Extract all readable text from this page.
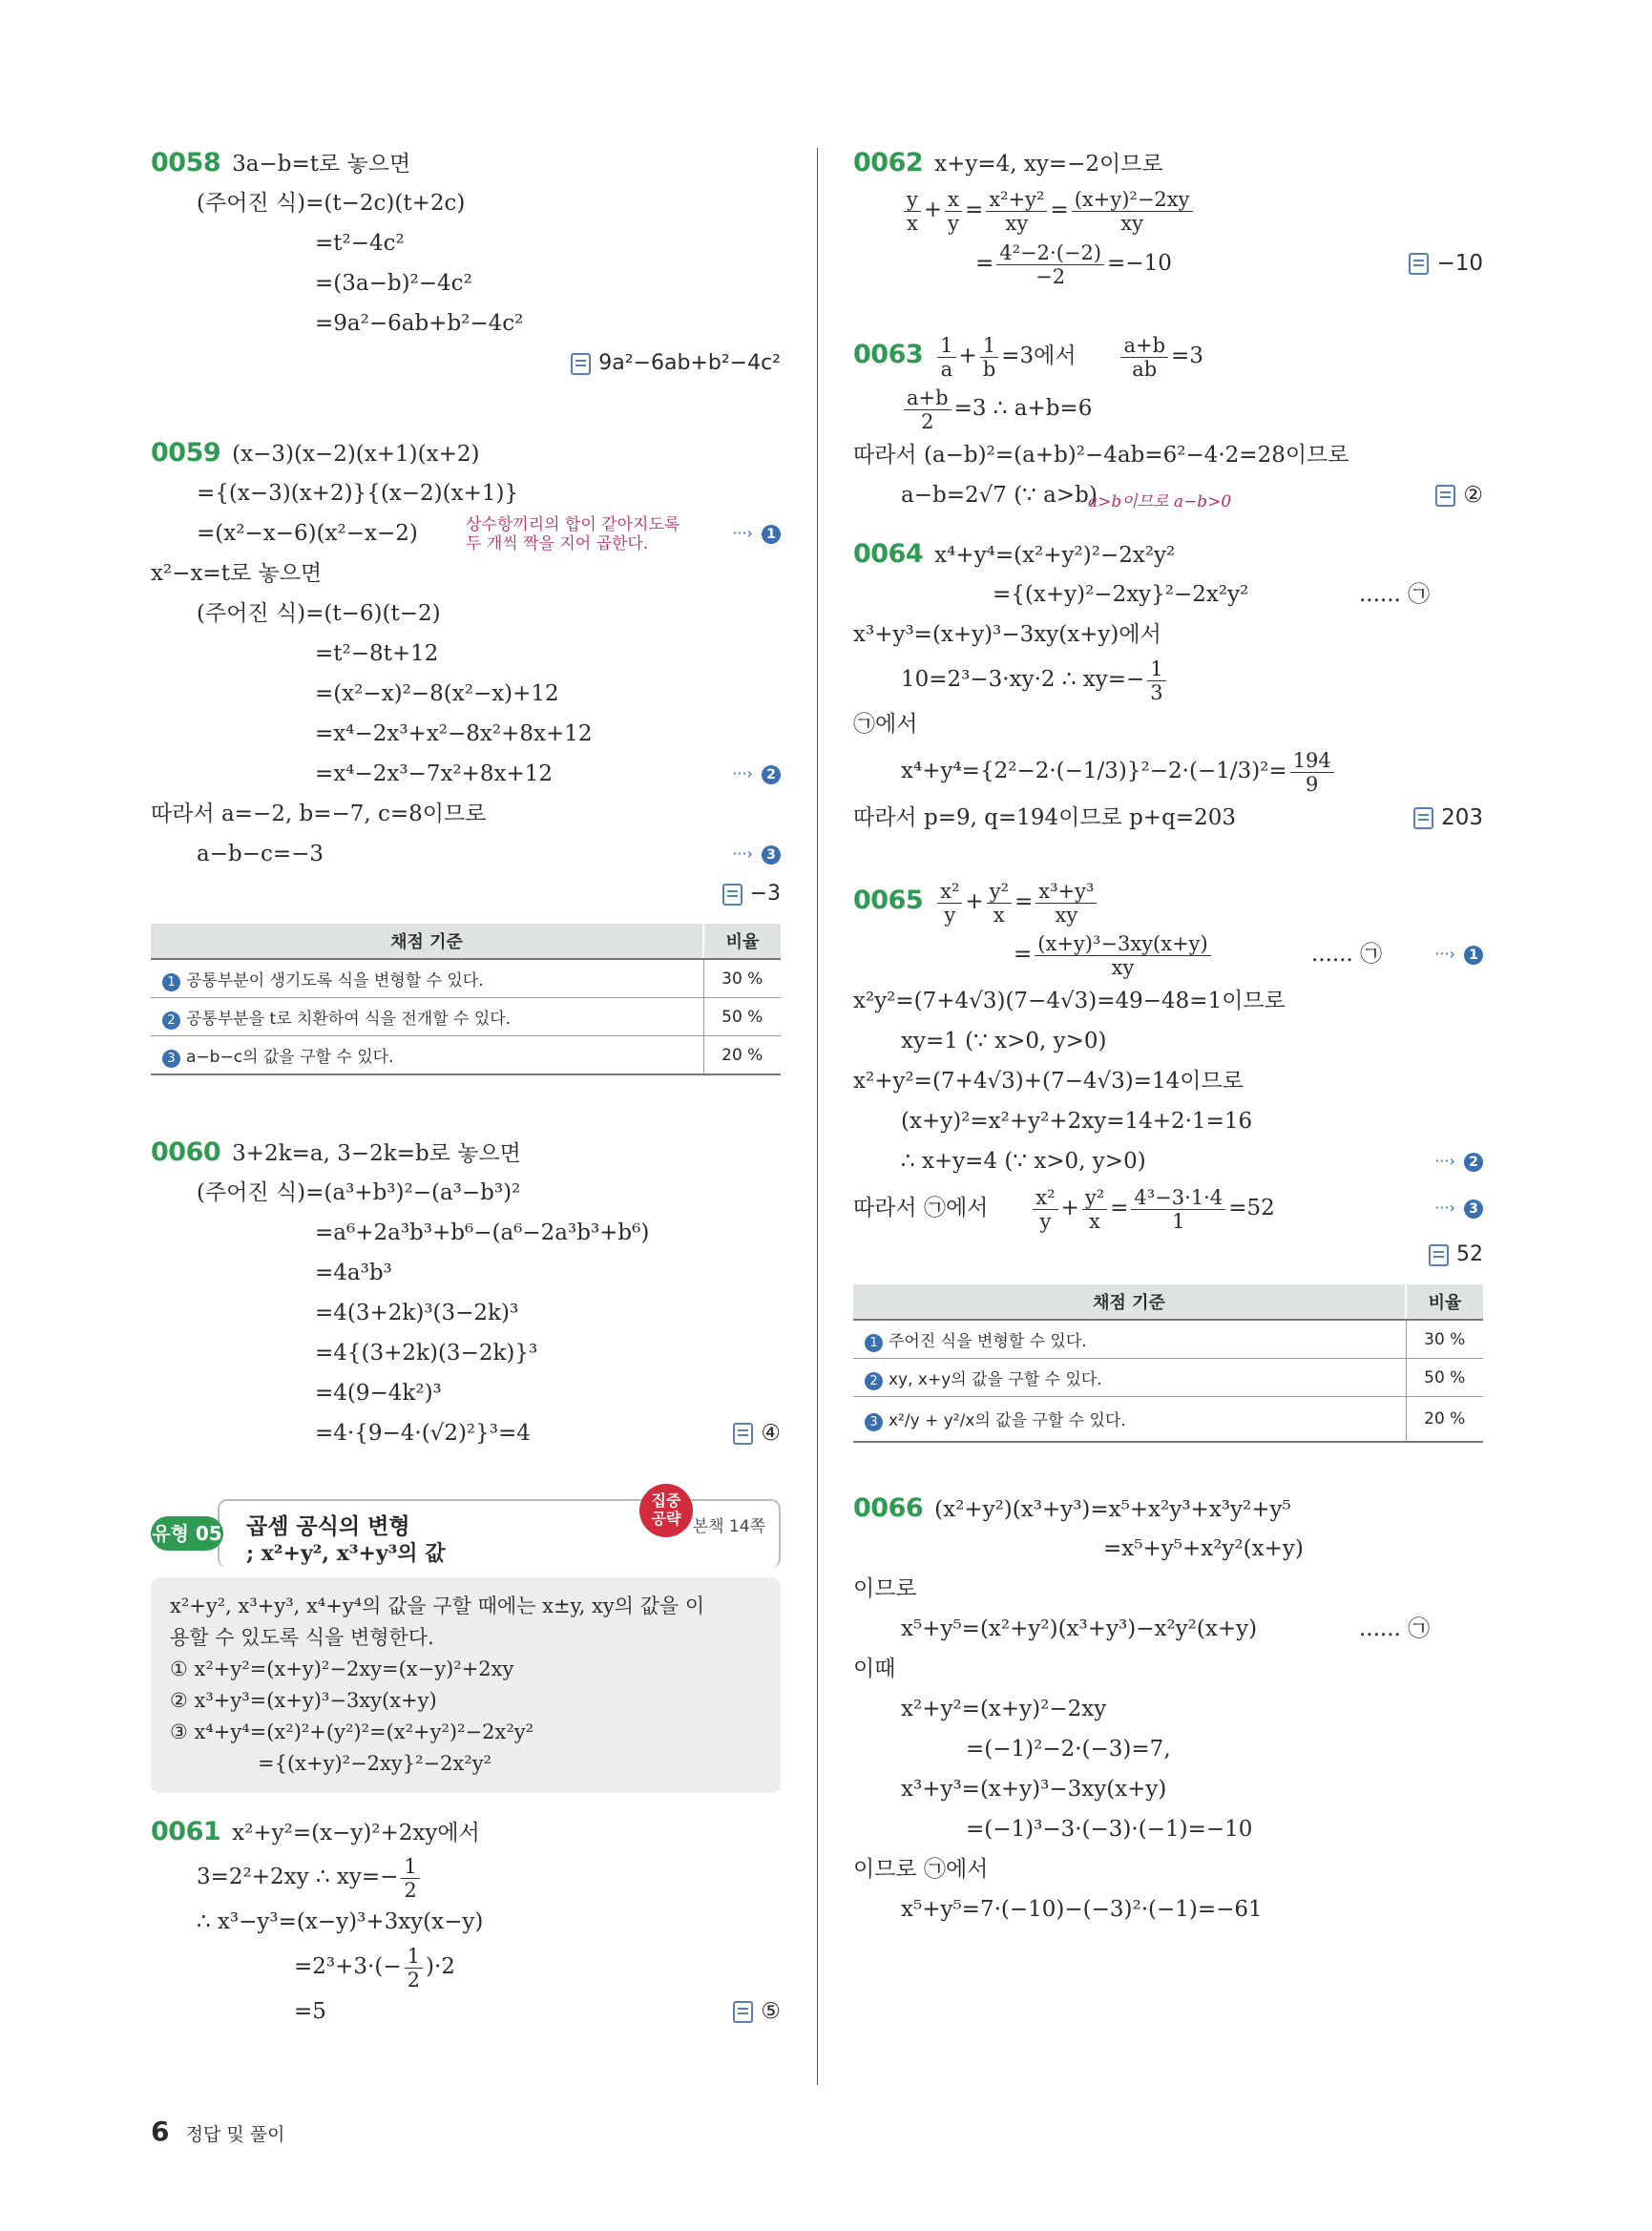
0058 3a−b=t로 놓으면
(주어진 식)=(t−2c)(t+2c)
=t²−4c²
=(3a−b)²−4c²
=9a²−6ab+b²−4c²
9a²−6ab+b²−4c²
0059 (x−3)(x−2)(x+1)(x+2)
={(x−3)(x+2)}{(x−2)(x+1)}
=(x²−x−6)(x²−x−2)	상수항끼리의 합이 같아지도록
두 개씩 짝을 지어 곱한다.
···› 1
x²−x=t로 놓으면
(주어진 식)=(t−6)(t−2)
=t²−8t+12
=(x²−x)²−8(x²−x)+12
=x⁴−2x³+x²−8x²+8x+12
=x⁴−2x³−7x²+8x+12	···› 2
따라서 a=−2, b=−7, c=8이므로
a−b−c=−3	···› 3
−3
채점 기준	비율
1 공통부분이 생기도록 식을 변형할 수 있다.	30 %
2 공통부분을 t로 치환하여 식을 전개할 수 있다.	50 %
3 a−b−c의 값을 구할 수 있다.	20 %
0060 3+2k=a, 3−2k=b로 놓으면
(주어진 식)=(a³+b³)²−(a³−b³)²
=a⁶+2a³b³+b⁶−(a⁶−2a³b³+b⁶)
=4a³b³
=4(3+2k)³(3−2k)³
=4{(3+2k)(3−2k)}³
=4(9−4k²)³
=4·{9−4·(√2)²}³=4	④
유형 05 곱셈 공식의 변형
; x²+y², x³+y³의 값
집중
공략 본책 14쪽
x²+y², x³+y³, x⁴+y⁴의 값을 구할 때에는 x±y, xy의 값을 이
용할 수 있도록 식을 변형한다.
① x²+y²=(x+y)²−2xy=(x−y)²+2xy
② x³+y³=(x+y)³−3xy(x+y)
③ x⁴+y⁴=(x²)²+(y²)²=(x²+y²)²−2x²y²
={(x+y)²−2xy}²−2x²y²
0061 x²+y²=(x−y)²+2xy에서
3=2²+2xy ∴ $xy=- \frac{1}{2}$
∴ x³−y³=(x−y)³+3xy(x−y)
$=2^3+3\cdot(- \frac{1}{2} )\cdot 2$
=5	⑤
0062 x+y=4, xy=−2이므로
$\frac{y}{x} + \frac{x}{y} = \frac{\text{x²+y²}}{xy} = \frac{\text{(x+y)²−2xy}}{xy}$
= $\frac{\text{4²−2·(−2)}}{-2} =-10$	−10
$0063 \frac{1}{a} + \frac{1}{b} =3$에서 $\frac{a+b}{ab} =3$
$\frac{a+b}{2} =3$ ∴ a+b=6
따라서 (a−b)²=(a+b)²−4ab=6²−4·2=28이므로
a−b=2√7 (∵ a>b)	②
a>b이므로 a−b>0
0064 x⁴+y⁴=(x²+y²)²−2x²y²
={(x+y)²−2xy}²−2x²y²	...... ㉠
x³+y³=(x+y)³−3xy(x+y)에서
10=2³−3·xy·2 ∴ $xy=- \frac{1}{3}$
㉠에서
$x^4+y^4=\{2^2-2\cdot(-1/3)\}^2-2\cdot(-1/3)^2= \frac{194}{9}$
따라서 p=9, q=194이므로 p+q=203	203
$0065 \frac{\text{x²}}{y} + \frac{\text{y²}}{x} = \frac{\text{x³+y³}}{xy}$
= $\frac{\text{(x+y)³−3xy(x+y)}}{xy}$	...... ㉠	···› 1
x²y²=(7+4√3)(7−4√3)=49−48=1이므로
xy=1 (∵ x>0, y>0)
x²+y²=(7+4√3)+(7−4√3)=14이므로
(x+y)²=x²+y²+2xy=14+2·1=16
∴ x+y=4 (∵ x>0, y>0)	···› 2
따라서 ㉠에서 $\frac{\text{x²}}{y} + \frac{\text{y²}}{x} = \frac{\text{4³−3·1·4}}{1} =52$	···› 3
52
채점 기준	비율
1 주어진 식을 변형할 수 있다.	30 %
2 xy, x+y의 값을 구할 수 있다.	50 %
3 x²/y + y²/x의 값을 구할 수 있다.	20 %
0066 (x²+y²)(x³+y³)=x⁵+x²y³+x³y²+y⁵
=x⁵+y⁵+x²y²(x+y)
이므로
x⁵+y⁵=(x²+y²)(x³+y³)−x²y²(x+y)	...... ㉠
이때
x²+y²=(x+y)²−2xy
=(−1)²−2·(−3)=7,
x³+y³=(x+y)³−3xy(x+y)
=(−1)³−3·(−3)·(−1)=−10
이므로 ㉠에서
x⁵+y⁵=7·(−10)−(−3)²·(−1)=−61
6 정답 및 풀이
